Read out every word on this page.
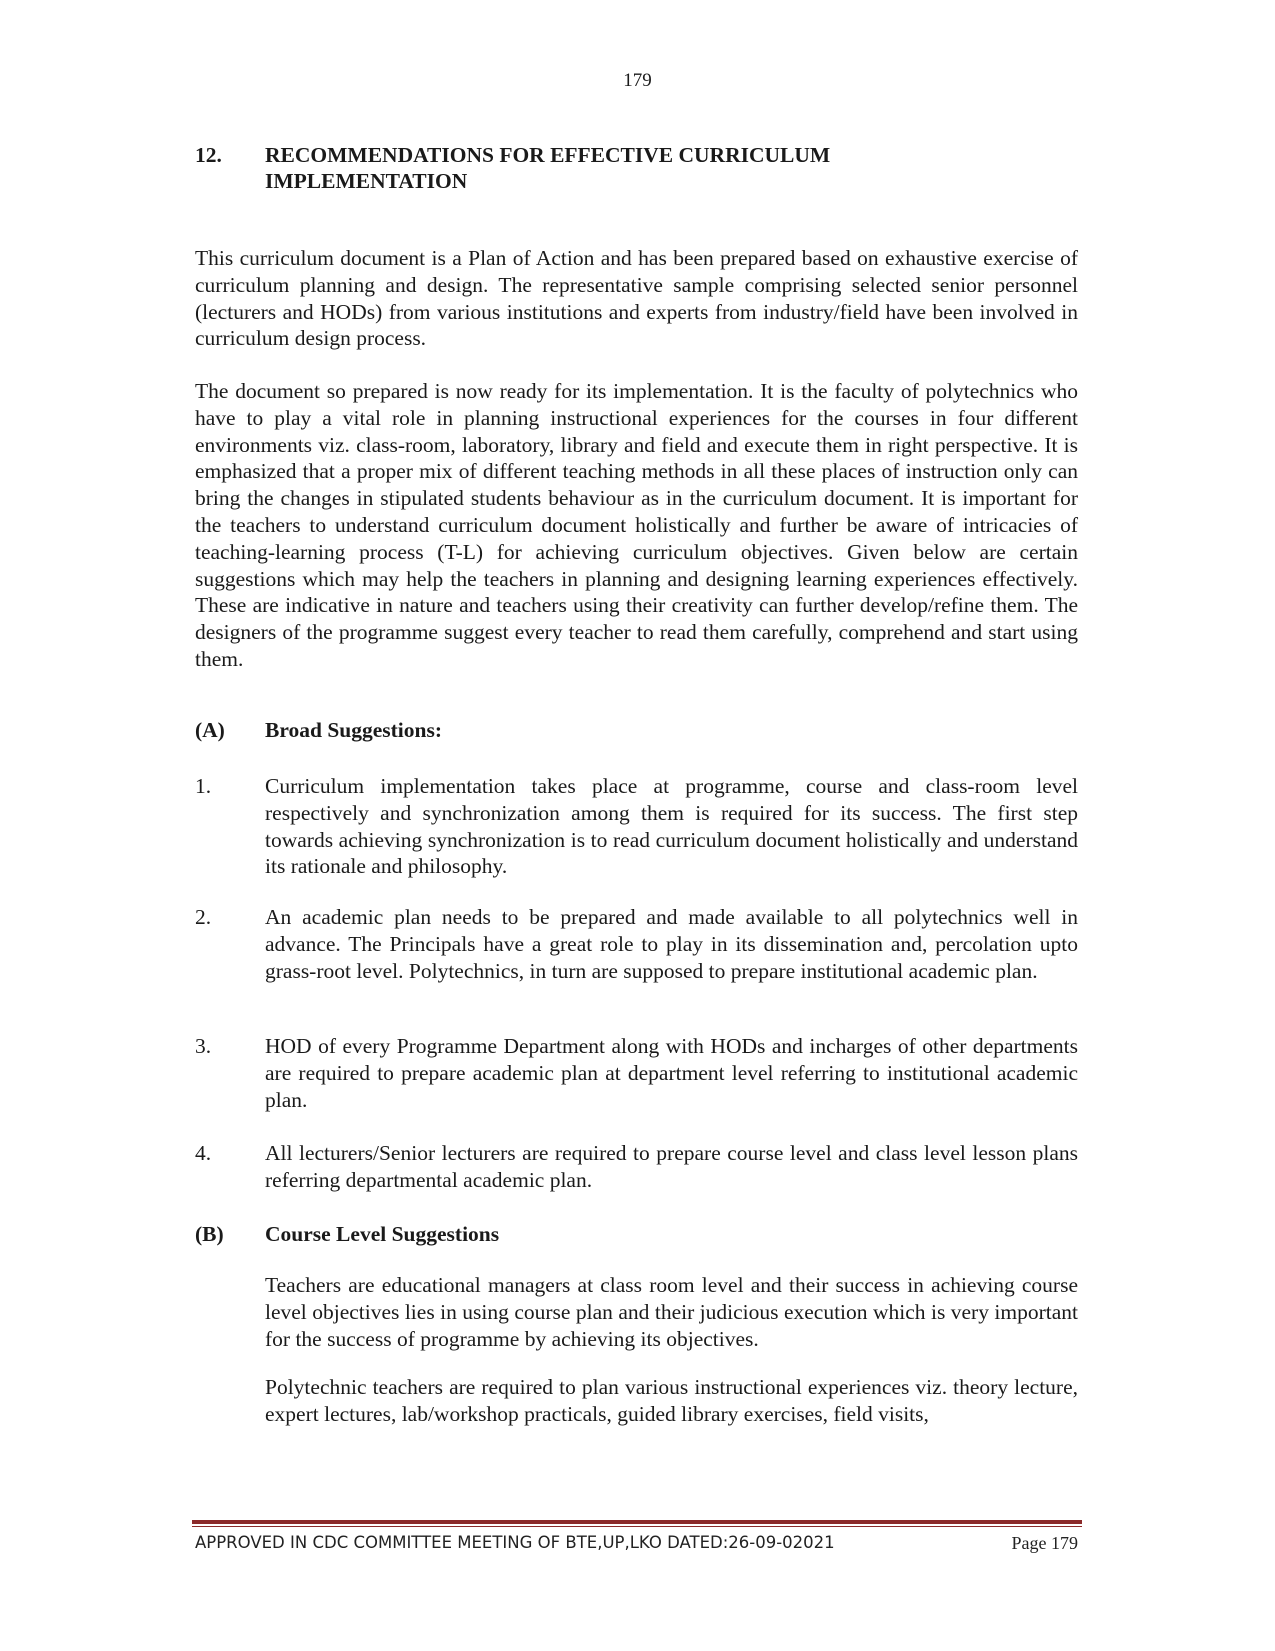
179
12. RECOMMENDATIONS FOR EFFECTIVE CURRICULUM
IMPLEMENTATION

This curriculum document is a Plan of Action and has been prepared based on exhaustive exercise of curriculum planning and design. The representative sample comprising selected senior personnel (lecturers and HODs) from various institutions and experts from industry/field have been involved in curriculum design process.

The document so prepared is now ready for its implementation. It is the faculty of polytechnics who have to play a vital role in planning instructional experiences for the courses in four different environments viz. class-room, laboratory, library and field and execute them in right perspective. It is emphasized that a proper mix of different teaching methods in all these places of instruction only can bring the changes in stipulated students behaviour as in the curriculum document. It is important for the teachers to understand curriculum document holistically and further be aware of intricacies of teaching-learning process (T-L) for achieving curriculum objectives. Given below are certain suggestions which may help the teachers in planning and designing learning experiences effectively. These are indicative in nature and teachers using their creativity can further develop/refine them. The designers of the programme suggest every teacher to read them carefully, comprehend and start using them.

(A) Broad Suggestions:
1.	Curriculum implementation takes place at programme, course and class-room level respectively and synchronization among them is required for its success. The first step towards achieving synchronization is to read curriculum document holistically and understand its rationale and philosophy.
2.	An academic plan needs to be prepared and made available to all polytechnics well in advance. The Principals have a great role to play in its dissemination and, percolation upto grass-root level. Polytechnics, in turn are supposed to prepare institutional academic plan.
3.	HOD of every Programme Department along with HODs and incharges of other departments are required to prepare academic plan at department level referring to institutional academic plan.
4.	All lecturers/Senior lecturers are required to prepare course level and class level lesson plans referring departmental academic plan.
(B) Course Level Suggestions

Teachers are educational managers at class room level and their success in achieving course level objectives lies in using course plan and their judicious execution which is very important for the success of programme by achieving its objectives.

Polytechnic teachers are required to plan various instructional experiences viz. theory lecture, expert lectures, lab/workshop practicals, guided library exercises, field visits,

APPROVED IN CDC COMMITTEE MEETING OF BTE,UP,LKO DATED:26-09-02021	Page 179
